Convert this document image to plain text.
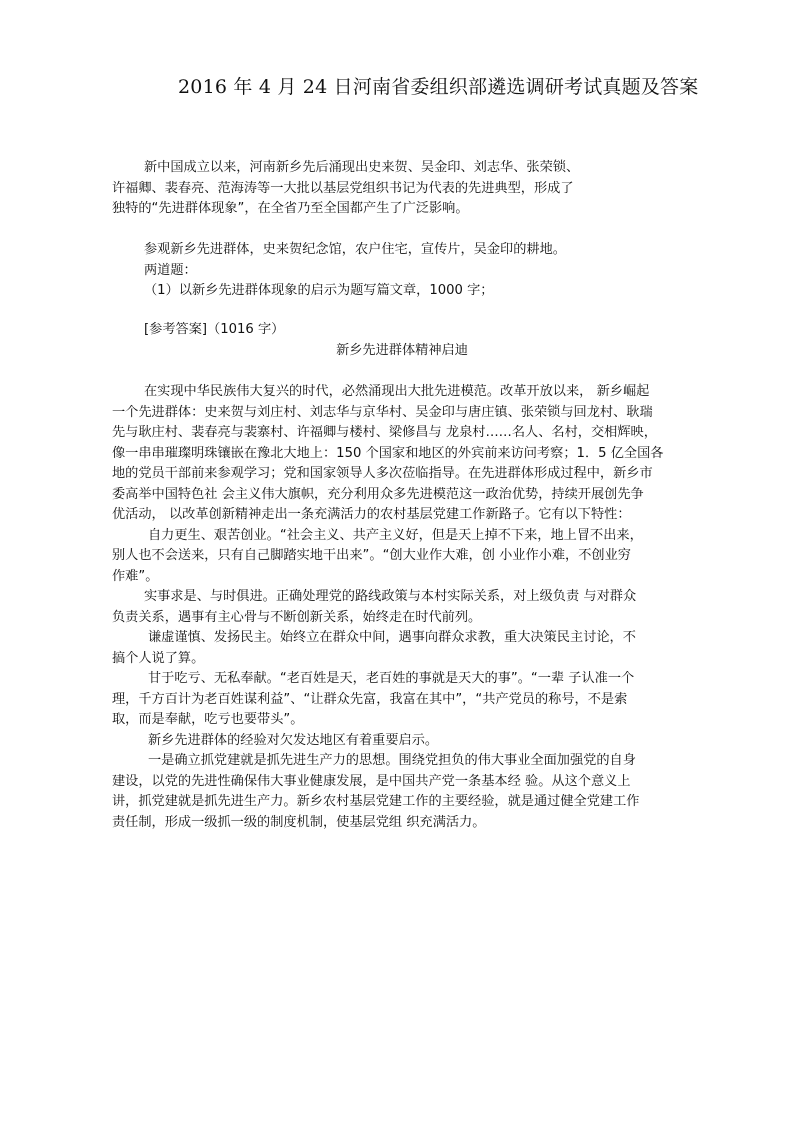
2016 年 4 月 24 日河南省委组织部遴选调研考试真题及答案
新中国成立以来，河南新乡先后涌现出史来贺、吴金印、刘志华、张荣锁、
许福卿、裴春亮、范海涛等一大批以基层党组织书记为代表的先进典型，形成了
独特的“先进群体现象”，在全省乃至全国都产生了广泛影响。
参观新乡先进群体，史来贺纪念馆，农户住宅，宣传片，吴金印的耕地。
两道题：
（1）以新乡先进群体现象的启示为题写篇文章，1000 字；
[参考答案]（1016 字）
新乡先进群体精神启迪
在实现中华民族伟大复兴的时代，必然涌现出大批先进模范。改革开放以来， 新乡崛起
一个先进群体：史来贺与刘庄村、刘志华与京华村、吴金印与唐庄镇、张荣锁与回龙村、耿瑞
先与耿庄村、裴春亮与裴寨村、许福卿与楼村、梁修昌与 龙泉村……名人、名村，交相辉映，
像一串串璀璨明珠镶嵌在豫北大地上：150 个国家和地区的外宾前来访问考察；1．5 亿全国各
地的党员干部前来参观学习；党和国家领导人多次莅临指导。在先进群体形成过程中，新乡市
委高举中国特色社 会主义伟大旗帜，充分利用众多先进模范这一政治优势，持续开展创先争
优活动， 以改革创新精神走出一条充满活力的农村基层党建工作新路子。它有以下特性：
自力更生、艰苦创业。“社会主义、共产主义好，但是天上掉不下来，地上冒不出来，
别人也不会送来，只有自己脚踏实地干出来”。“创大业作大难，创 小业作小难，不创业穷
作难”。
实事求是、与时俱进。正确处理党的路线政策与本村实际关系，对上级负责 与对群众
负责关系，遇事有主心骨与不断创新关系，始终走在时代前列。
谦虚谨慎、发扬民主。始终立在群众中间，遇事向群众求教，重大决策民主讨论，不
搞个人说了算。
甘于吃亏、无私奉献。“老百姓是天，老百姓的事就是天大的事”。“一辈 子认准一个
理，千方百计为老百姓谋利益”、“让群众先富，我富在其中”，“共产党员的称号，不是索
取，而是奉献，吃亏也要带头”。
新乡先进群体的经验对欠发达地区有着重要启示。
一是确立抓党建就是抓先进生产力的思想。围绕党担负的伟大事业全面加强党的自身
建设，以党的先进性确保伟大事业健康发展，是中国共产党一条基本经 验。从这个意义上
讲，抓党建就是抓先进生产力。新乡农村基层党建工作的主要经验，就是通过健全党建工作
责任制，形成一级抓一级的制度机制，使基层党组 织充满活力。
